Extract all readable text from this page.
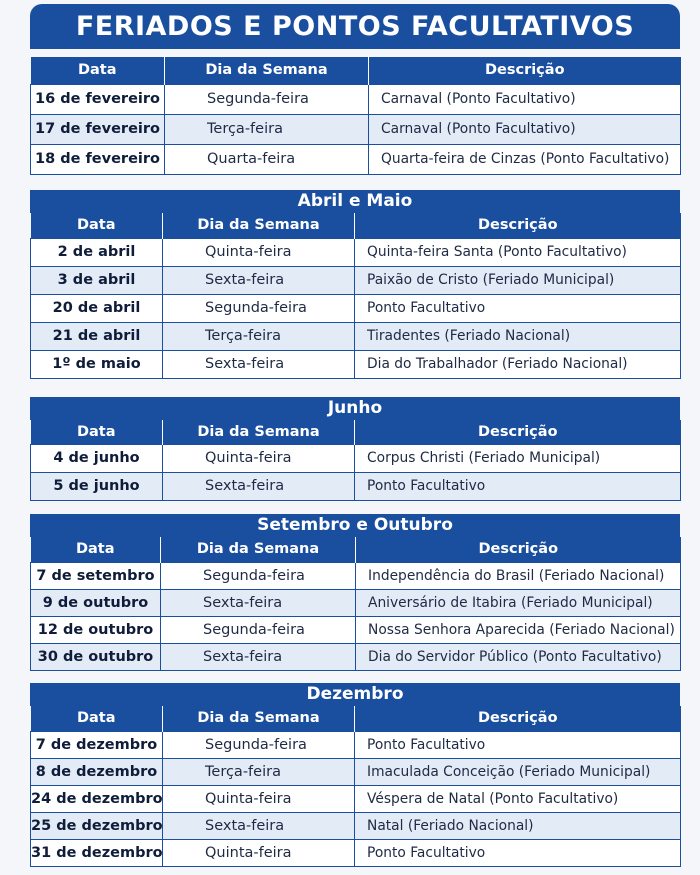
FERIADOS E PONTOS FACULTATIVOS
Data	Dia da Semana	Descrição
16 de fevereiro	Segunda-feira	Carnaval (Ponto Facultativo)
17 de fevereiro	Terça-feira	Carnaval (Ponto Facultativo)
18 de fevereiro	Quarta-feira	Quarta-feira de Cinzas (Ponto Facultativo)
Abril e Maio
Data	Dia da Semana	Descrição
2 de abril	Quinta-feira	Quinta-feira Santa (Ponto Facultativo)
3 de abril	Sexta-feira	Paixão de Cristo (Feriado Municipal)
20 de abril	Segunda-feira	Ponto Facultativo
21 de abril	Terça-feira	Tiradentes (Feriado Nacional)
1º de maio	Sexta-feira	Dia do Trabalhador (Feriado Nacional)
Junho
Data	Dia da Semana	Descrição
4 de junho	Quinta-feira	Corpus Christi (Feriado Municipal)
5 de junho	Sexta-feira	Ponto Facultativo
Setembro e Outubro
Data	Dia da Semana	Descrição
7 de setembro	Segunda-feira	Independência do Brasil (Feriado Nacional)
9 de outubro	Sexta-feira	Aniversário de Itabira (Feriado Municipal)
12 de outubro	Segunda-feira	Nossa Senhora Aparecida (Feriado Nacional)
30 de outubro	Sexta-feira	Dia do Servidor Público (Ponto Facultativo)
Dezembro
Data	Dia da Semana	Descrição
7 de dezembro	Segunda-feira	Ponto Facultativo
8 de dezembro	Terça-feira	Imaculada Conceição (Feriado Municipal)
24 de dezembro	Quinta-feira	Véspera de Natal (Ponto Facultativo)
25 de dezembro	Sexta-feira	Natal (Feriado Nacional)
31 de dezembro	Quinta-feira	Ponto Facultativo
